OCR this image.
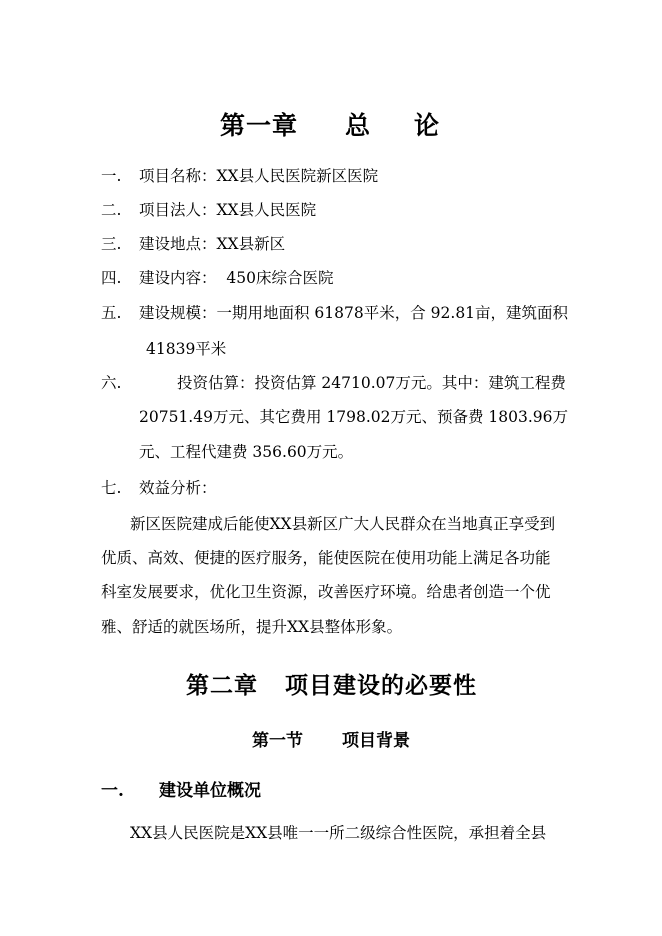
第一章 总 论
一. 项目名称：XX县人民医院新区医院
二. 项目法人：XX县人民医院
三. 建设地点：XX县新区
四. 建设内容：  450床综合医院
五. 建设规模：一期用地面积 61878平米，合 92.81亩，建筑面积
41839平米
六.	投资估算：投资估算 24710.07万元。其中：建筑工程费
20751.49万元、其它费用 1798.02万元、预备费 1803.96万
元、工程代建费 356.60万元。
七. 效益分析：
新区医院建成后能使XX县新区广大人民群众在当地真正享受到
优质、高效、便捷的医疗服务，能使医院在使用功能上满足各功能
科室发展要求，优化卫生资源，改善医疗环境。给患者创造一个优
雅、舒适的就医场所，提升XX县整体形象。
第二章 项目建设的必要性
第一节 项目背景
一. 建设单位概况
XX县人民医院是XX县唯一一所二级综合性医院，承担着全县
